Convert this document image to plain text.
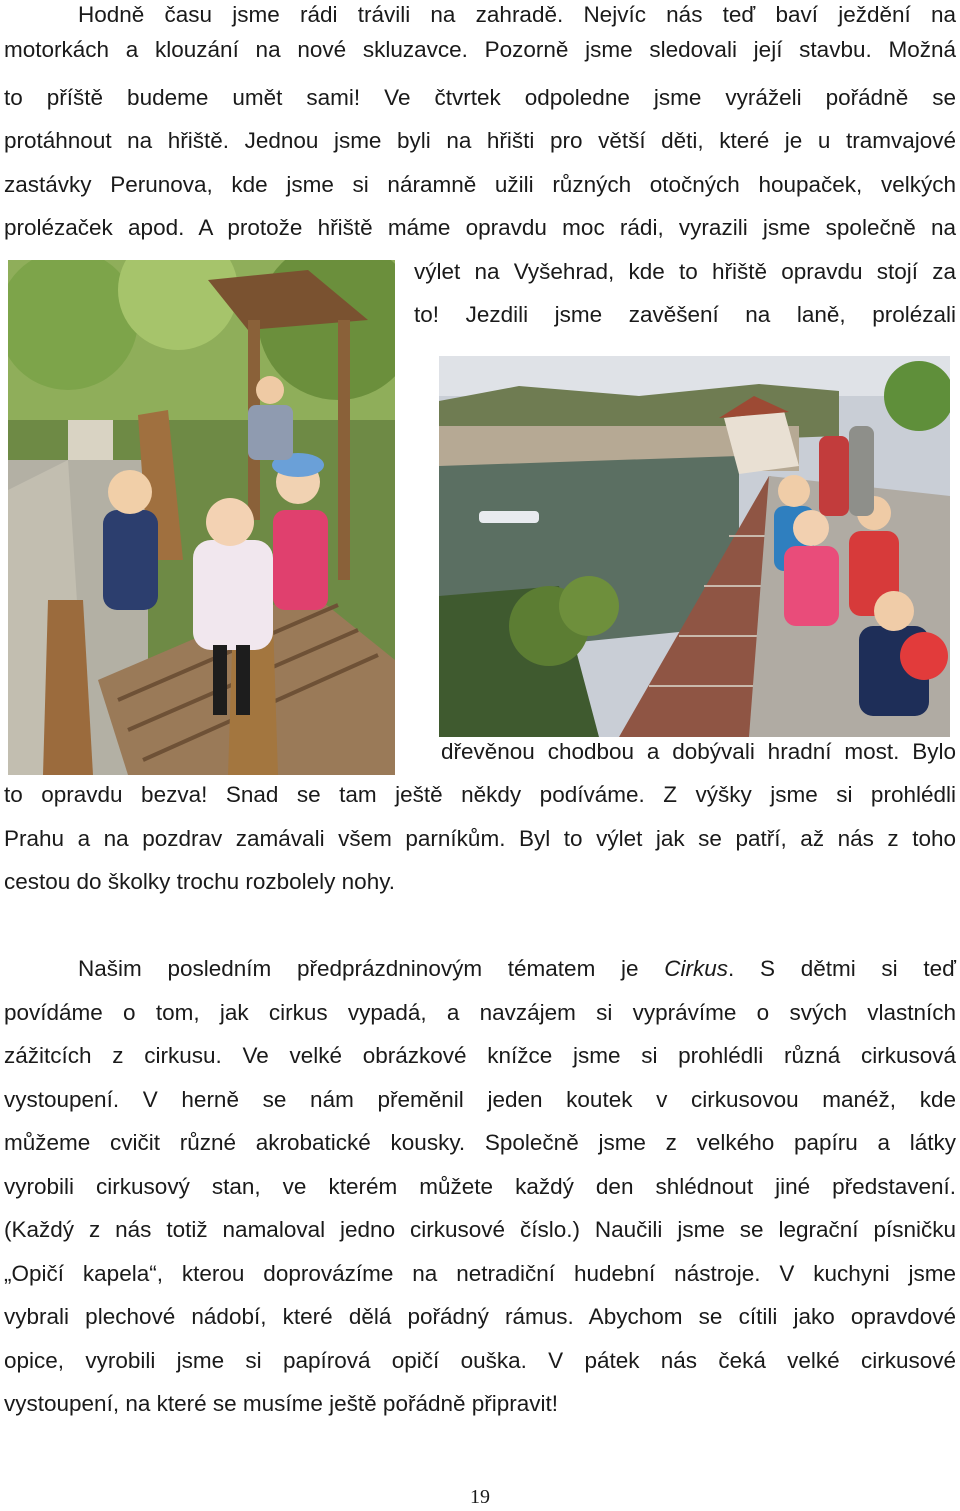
Hodně času jsme rádi trávili na zahradě. Nejvíc nás teď baví ježdění na
motorkách a klouzání na nové skluzavce. Pozorně jsme sledovali její stavbu. Možná
to příště budeme umět sami! Ve čtvrtek odpoledne jsme vyráželi pořádně se
protáhnout na hřiště. Jednou jsme byli na hřišti pro větší děti, které je u tramvajové
zastávky Perunova, kde jsme si náramně užili různých otočných houpaček, velkých
prolézaček apod. A protože hřiště máme opravdu moc rádi, vyrazili jsme společně na
výlet na Vyšehrad, kde to hřiště opravdu stojí za
to! Jezdili jsme zavěšení na laně, prolézali
dřevěnou chodbou a dobývali hradní most. Bylo
to opravdu bezva! Snad se tam ještě někdy podíváme. Z výšky jsme si prohlédli
Prahu a na pozdrav zamávali všem parníkům. Byl to výlet jak se patří, až nás z toho
cestou do školky trochu rozbolely nohy.
Našim posledním předprázdninovým tématem je Cirkus. S dětmi si teď
povídáme o tom, jak cirkus vypadá, a navzájem si vyprávíme o svých vlastních
zážitcích z cirkusu. Ve velké obrázkové knížce jsme si prohlédli různá cirkusová
vystoupení. V herně se nám přeměnil jeden koutek v cirkusovou manéž, kde
můžeme cvičit různé akrobatické kousky. Společně jsme z velkého papíru a látky
vyrobili cirkusový stan, ve kterém můžete každý den shlédnout jiné představení.
(Každý z nás totiž namaloval jedno cirkusové číslo.) Naučili jsme se legrační písničku
„Opičí kapela“, kterou doprovázíme na netradiční hudební nástroje. V kuchyni jsme
vybrali plechové nádobí, které dělá pořádný rámus. Abychom se cítili jako opravdové
opice, vyrobili jsme si papírová opičí ouška. V pátek nás čeká velké cirkusové
vystoupení, na které se musíme ještě pořádně připravit!
19
